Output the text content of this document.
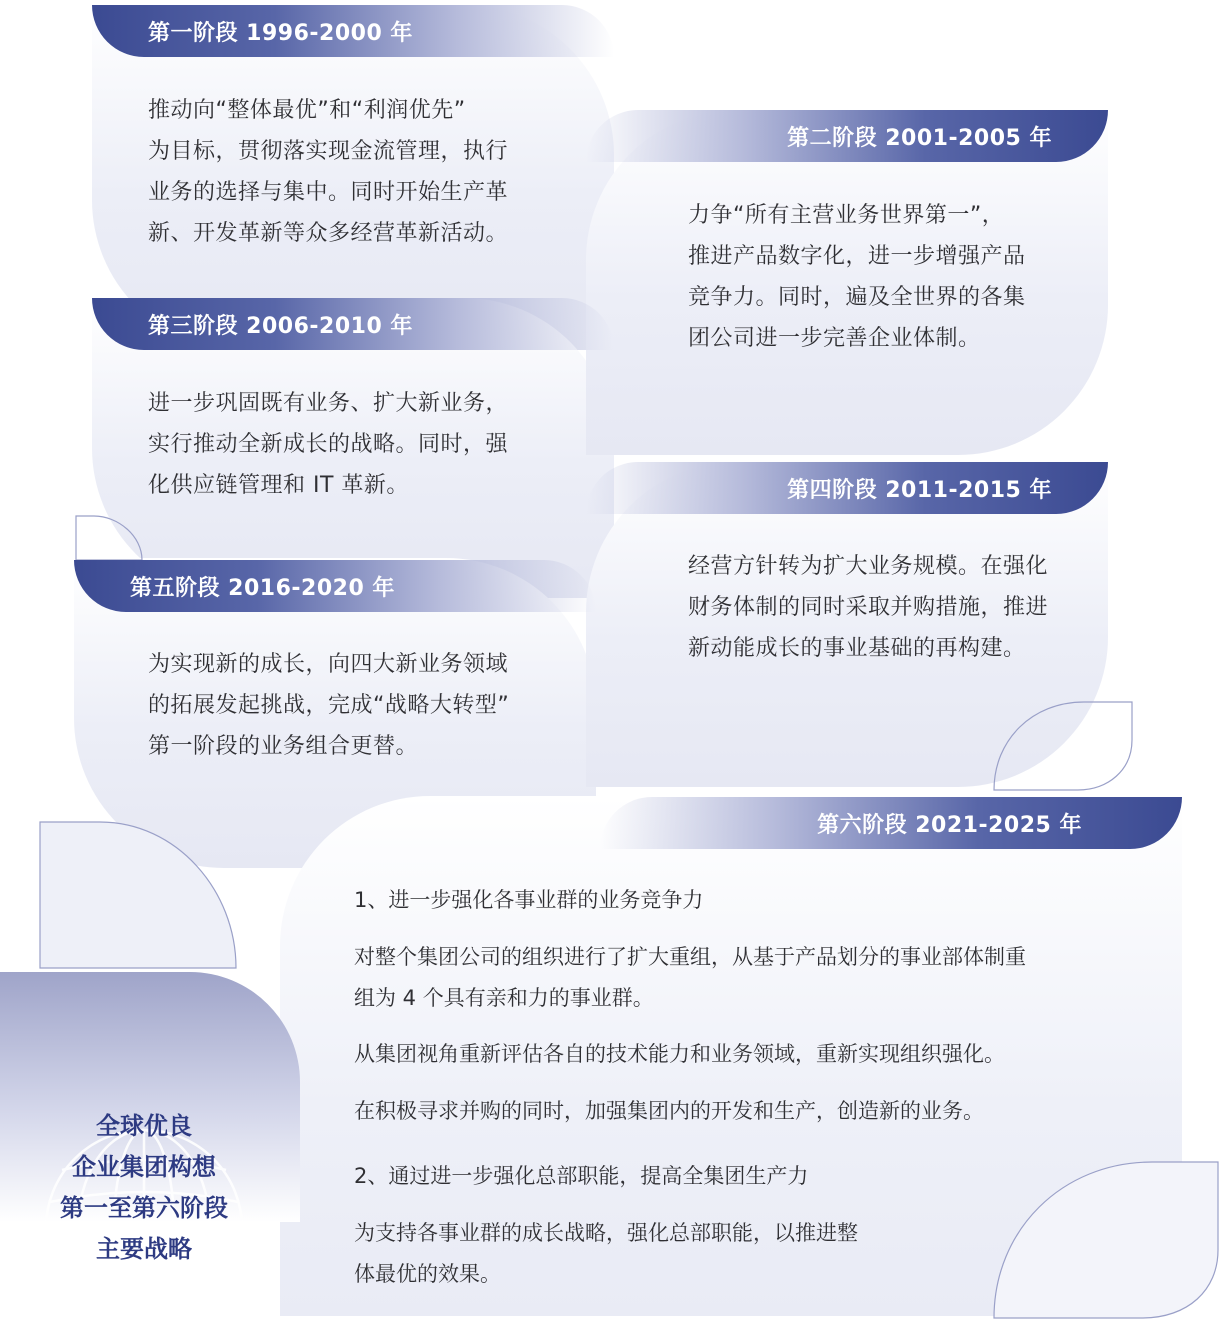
第一阶段 1996-2000 年
第三阶段 2006-2010 年
第五阶段 2016-2020 年
第二阶段 2001-2005 年
第四阶段 2011-2015 年
第六阶段 2021-2025 年
推动向“整体最优”和“利润优先”
为目标，贯彻落实现金流管理，执行
业务的选择与集中。同时开始生产革
新、开发革新等众多经营革新活动。
力争“所有主营业务世界第一”，
推进产品数字化，进一步增强产品
竞争力。同时，遍及全世界的各集
团公司进一步完善企业体制。
进一步巩固既有业务、扩大新业务，
实行推动全新成长的战略。同时，强
化供应链管理和 IT 革新。
经营方针转为扩大业务规模。在强化
财务体制的同时采取并购措施，推进
新动能成长的事业基础的再构建。
为实现新的成长，向四大新业务领域
的拓展发起挑战，完成“战略大转型”
第一阶段的业务组合更替。
1、进一步强化各事业群的业务竞争力
对整个集团公司的组织进行了扩大重组，从基于产品划分的事业部体制重
组为 4 个具有亲和力的事业群。
从集团视角重新评估各自的技术能力和业务领域，重新实现组织强化。
在积极寻求并购的同时，加强集团内的开发和生产，创造新的业务。
2、通过进一步强化总部职能，提高全集团生产力
为支持各事业群的成长战略，强化总部职能，以推进整
体最优的效果。
全球优良
企业集团构想
第一至第六阶段
主要战略
